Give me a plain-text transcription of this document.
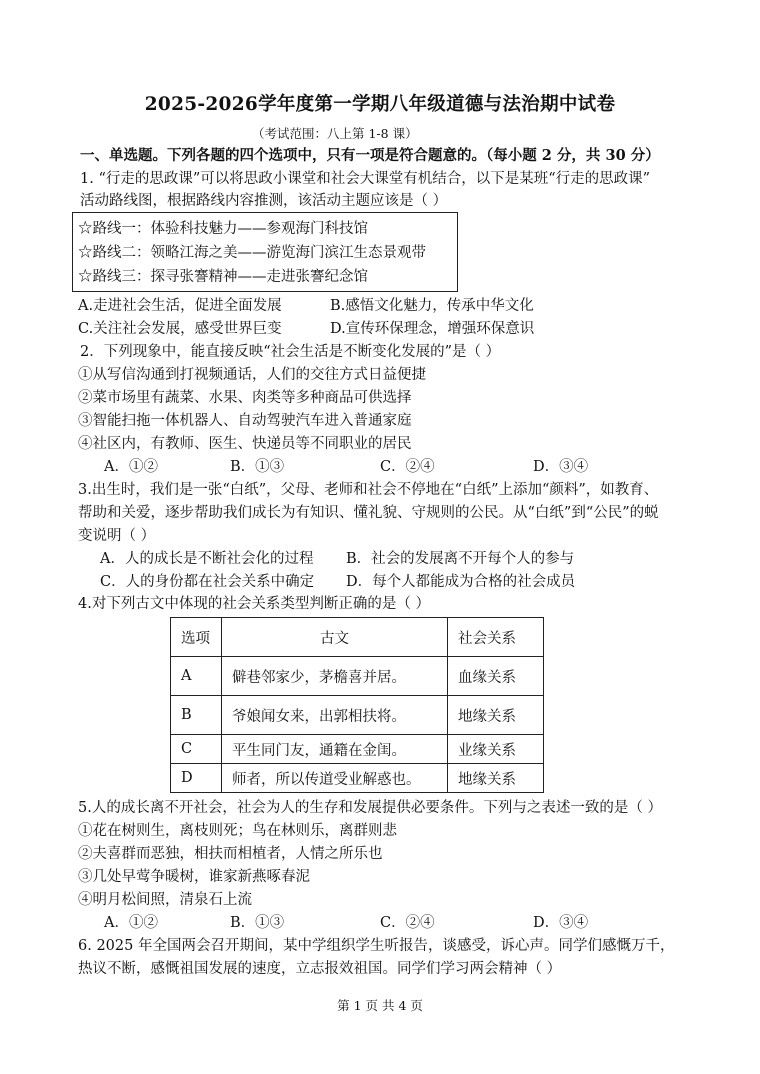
2025-2026学年度第一学期八年级道德与法治期中试卷
（考试范围：八上第 1-8 课）
一、单选题。下列各题的四个选项中，只有一项是符合题意的。（每小题 2 分，共 30 分）
1. “行走的思政课”可以将思政小课堂和社会大课堂有机结合，以下是某班“行走的思政课”
活动路线图，根据路线内容推测，该活动主题应该是（ ）
☆路线一：体验科技魅力——参观海门科技馆
☆路线二：领略江海之美——游览海门滨江生态景观带
☆路线三：探寻张謇精神——走进张謇纪念馆
A.走进社会生活，促进全面发展	B.感悟文化魅力，传承中华文化
C.关注社会发展，感受世界巨变	D.宣传环保理念，增强环保意识
2．下列现象中，能直接反映“社会生活是不断变化发展的”是（ ）
①从写信沟通到打视频通话，人们的交往方式日益便捷
②菜市场里有蔬菜、水果、肉类等多种商品可供选择
③智能扫拖一体机器人、自动驾驶汽车进入普通家庭
④社区内，有教师、医生、快递员等不同职业的居民
A．①②	B．①③	C．②④	D．③④
3.出生时，我们是一张“白纸”，父母、老师和社会不停地在“白纸”上添加“颜料”，如教育、
帮助和关爱，逐步帮助我们成长为有知识、懂礼貌、守规则的公民。从“白纸”到“公民”的蜕
变说明（ ）
A．人的成长是不断社会化的过程 B．社会的发展离不开每个人的参与
C．人的身份都在社会关系中确定 D．每个人都能成为合格的社会成员
4.对下列古文中体现的社会关系类型判断正确的是（ ）
选项	古文	社会关系
A	僻巷邻家少，茅檐喜并居。	血缘关系
B	爷娘闻女来，出郭相扶将。	地缘关系
C	平生同门友，通籍在金闺。	业缘关系
D	师者，所以传道受业解惑也。	地缘关系
5.人的成长离不开社会，社会为人的生存和发展提供必要条件。下列与之表述一致的是（ ）
①花在树则生，离枝则死；鸟在林则乐，离群则悲
②夫喜群而恶独，相扶而相植者，人情之所乐也
③几处早莺争暖树，谁家新燕啄春泥
④明月松间照，清泉石上流
A．①②	B．①③	C．②④	D．③④
6. 2025 年全国两会召开期间，某中学组织学生听报告，谈感受，诉心声。同学们感慨万千，
热议不断，感慨祖国发展的速度，立志报效祖国。同学们学习两会精神（ ）
第 1 页 共 4 页
